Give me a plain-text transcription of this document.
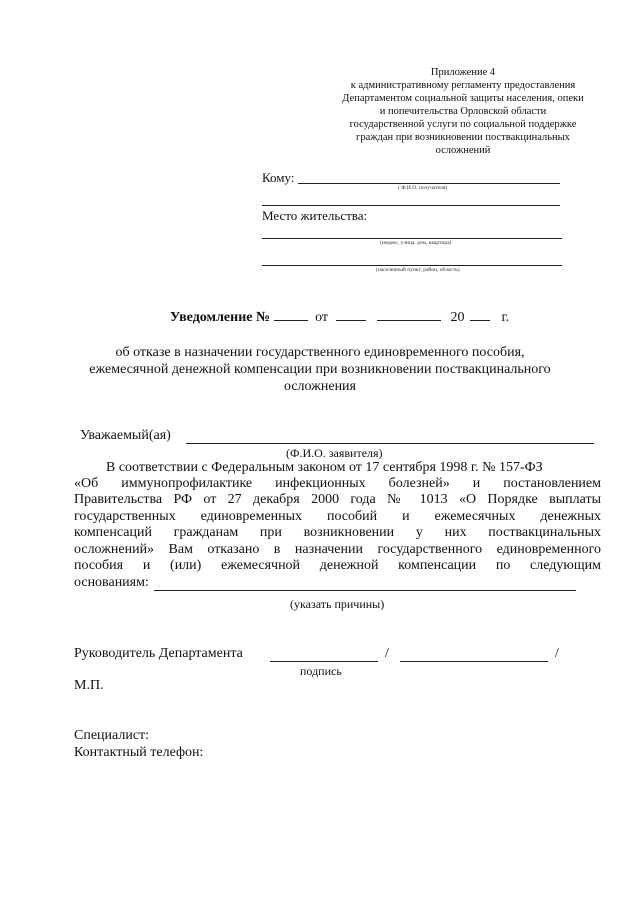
Приложение 4
к административному регламенту предоставления
Департаментом социальной защиты населения, опеки
и попечительства Орловской области
государственной услуги по социальной поддержке
граждан при возникновении поствакцинальных
осложнений
Кому:
( Ф.И.О. получателя)
Место жительства:
(индекс, улица, дом, квартира)
(населенный пункт, район, область)
Уведомление №	от	20	г.
об отказе в назначении государственного единовременного пособия,
ежемесячной денежной компенсации при возникновении поствакцинального
осложнения
Уважаемый(ая)
(Ф.И.О. заявителя)
В соответствии с Федеральным законом от 17 сентября 1998 г. № 157-ФЗ
«Об иммунопрофилактике инфекционных болезней» и постановлением
Правительства РФ от 27 декабря 2000 года № 1013 «О Порядке выплаты
государственных единовременных пособий и ежемесячных денежных
компенсаций гражданам при возникновении у них поствакцинальных
осложнений» Вам отказано в назначении государственного единовременного
пособия и (или) ежемесячной денежной компенсации по следующим
основаниям:
(указать причины)
Руководитель Департамента	/	/
подпись
М.П.
Специалист:
Контактный телефон:
